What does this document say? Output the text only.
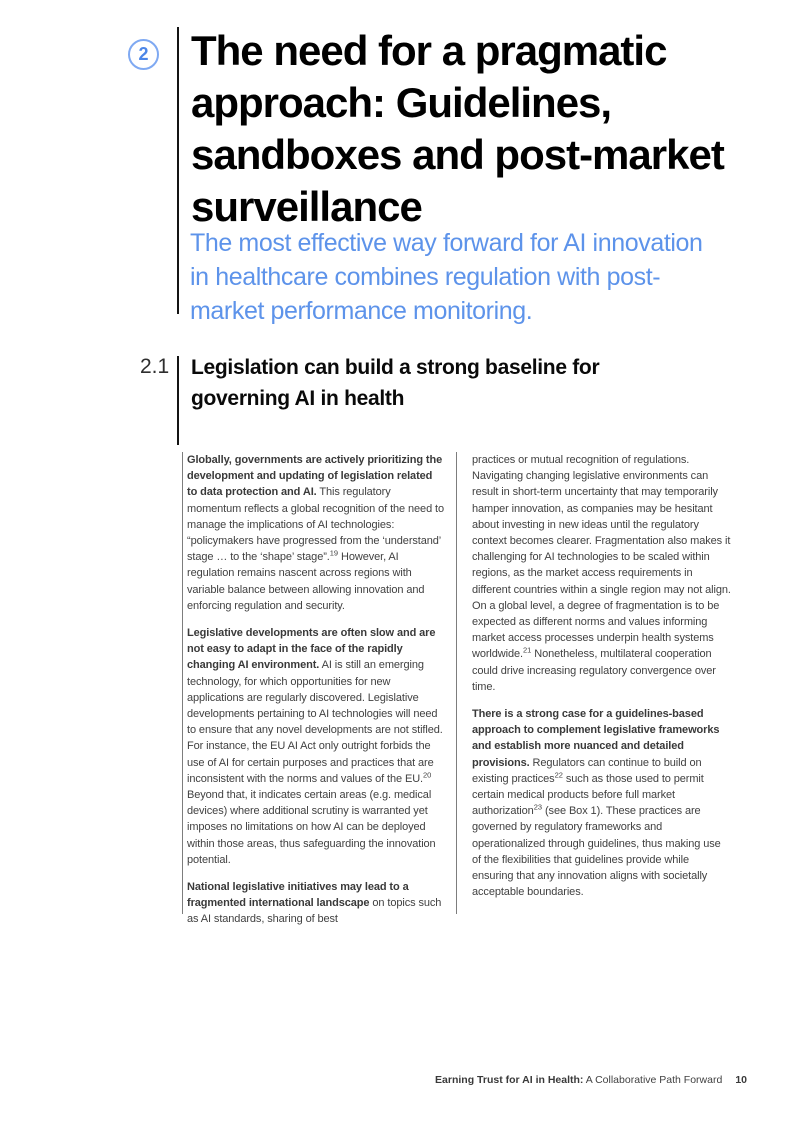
2 The need for a pragmatic approach: Guidelines, sandboxes and post-market surveillance

The most effective way forward for AI innovation in healthcare combines regulation with post-market performance monitoring.

2.1 Legislation can build a strong baseline for governing AI in health

Globally, governments are actively prioritizing the development and updating of legislation related to data protection and AI. This regulatory momentum reflects a global recognition of the need to manage the implications of AI technologies: “policymakers have progressed from the ‘understand’ stage … to the ‘shape’ stage”.$^{19}$ However, AI regulation remains nascent across regions with variable balance between allowing innovation and enforcing regulation and security.

Legislative developments are often slow and are not easy to adapt in the face of the rapidly changing AI environment. AI is still an emerging technology, for which opportunities for new applications are regularly discovered. Legislative developments pertaining to AI technologies will need to ensure that any novel developments are not stifled. For instance, the EU AI Act only outright forbids the use of AI for certain purposes and practices that are inconsistent with the norms and values of the EU.$^{20}$ Beyond that, it indicates certain areas (e.g. medical devices) where additional scrutiny is warranted yet imposes no limitations on how AI can be deployed within those areas, thus safeguarding the innovation potential.

National legislative initiatives may lead to a fragmented international landscape on topics such as AI standards, sharing of best

practices or mutual recognition of regulations. Navigating changing legislative environments can result in short-term uncertainty that may temporarily hamper innovation, as companies may be hesitant about investing in new ideas until the regulatory context becomes clearer. Fragmentation also makes it challenging for AI technologies to be scaled within regions, as the market access requirements in different countries within a single region may not align. On a global level, a degree of fragmentation is to be expected as different norms and values informing market access processes underpin health systems worldwide.$^{21}$ Nonetheless, multilateral cooperation could drive increasing regulatory convergence over time.

There is a strong case for a guidelines-based approach to complement legislative frameworks and establish more nuanced and detailed provisions. Regulators can continue to build on existing practices$^{22}$ such as those used to permit certain medical products before full market authorization$^{23}$ (see Box 1). These practices are governed by regulatory frameworks and operationalized through guidelines, thus making use of the flexibilities that guidelines provide while ensuring that any innovation aligns with societally acceptable boundaries.

Earning Trust for AI in Health: A Collaborative Path Forward 10
